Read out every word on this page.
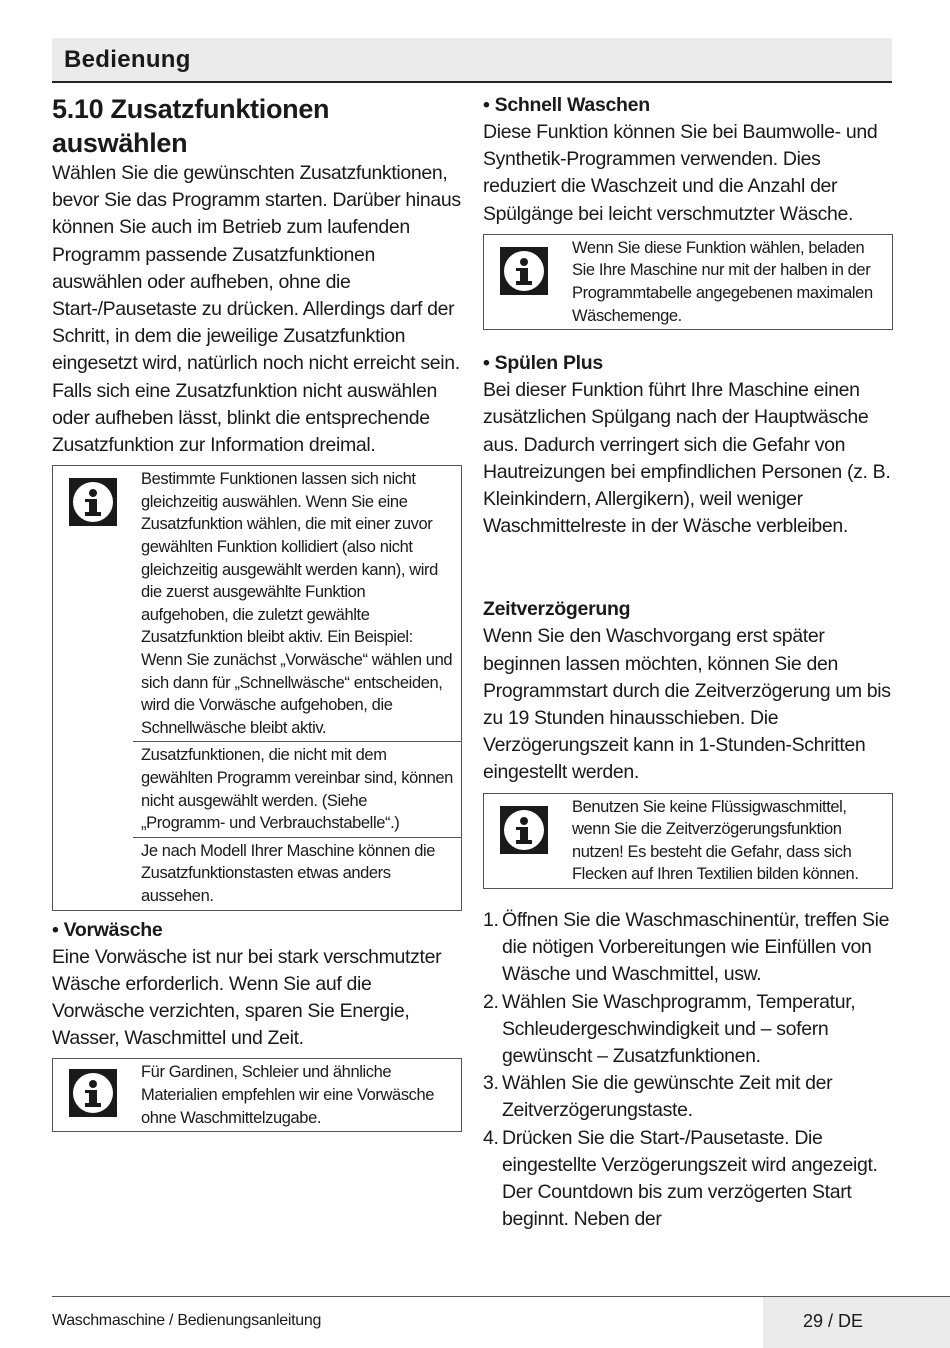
Bedienung
5.10 Zusatzfunktionen auswählen

Wählen Sie die gewünschten Zusatzfunktionen, bevor Sie das Programm starten. Darüber hinaus können Sie auch im Betrieb zum laufenden Programm passende Zusatzfunktionen auswählen oder aufheben, ohne die Start-/Pausetaste zu drücken. Allerdings darf der Schritt, in dem die jeweilige Zusatzfunktion eingesetzt wird, natürlich noch nicht erreicht sein.

Falls sich eine Zusatzfunktion nicht auswählen oder aufheben lässt, blinkt die entsprechende Zusatzfunktion zur Information dreimal.

Bestimmte Funktionen lassen sich nicht gleichzeitig auswählen. Wenn Sie eine Zusatzfunktion wählen, die mit einer zuvor gewählten Funktion kollidiert (also nicht gleichzeitig ausgewählt werden kann), wird die zuerst ausgewählte Funktion aufgehoben, die zuletzt gewählte Zusatzfunktion bleibt aktiv. Ein Beispiel: Wenn Sie zunächst „Vorwäsche“ wählen und sich dann für „Schnellwäsche“ entscheiden, wird die Vorwäsche aufgehoben, die Schnellwäsche bleibt aktiv.
Zusatzfunktionen, die nicht mit dem gewählten Programm vereinbar sind, können nicht ausgewählt werden. (Siehe „Programm- und Verbrauchstabelle“.)
Je nach Modell Ihrer Maschine können die Zusatzfunktionstasten etwas anders aussehen.
• Vorwäsche

Eine Vorwäsche ist nur bei stark verschmutzter Wäsche erforderlich. Wenn Sie auf die Vorwäsche verzichten, sparen Sie Energie, Wasser, Waschmittel und Zeit.

Für Gardinen, Schleier und ähnliche Materialien empfehlen wir eine Vorwäsche ohne Waschmittelzugabe.
• Schnell Waschen

Diese Funktion können Sie bei Baumwolle- und Synthetik-Programmen verwenden. Dies reduziert die Waschzeit und die Anzahl der Spülgänge bei leicht verschmutzter Wäsche.

Wenn Sie diese Funktion wählen, beladen Sie Ihre Maschine nur mit der halben in der Programmtabelle angegebenen maximalen Wäschemenge.
• Spülen Plus

Bei dieser Funktion führt Ihre Maschine einen zusätzlichen Spülgang nach der Hauptwäsche aus. Dadurch verringert sich die Gefahr von Hautreizungen bei empfindlichen Personen (z. B. Kleinkindern, Allergikern), weil weniger Waschmittelreste in der Wäsche verbleiben.

Zeitverzögerung

Wenn Sie den Waschvorgang erst später beginnen lassen möchten, können Sie den Programmstart durch die Zeitverzögerung um bis zu 19 Stunden hinausschieben. Die Verzögerungszeit kann in 1-Stunden-Schritten eingestellt werden.

Benutzen Sie keine Flüssigwaschmittel, wenn Sie die Zeitverzögerungsfunktion nutzen! Es besteht die Gefahr, dass sich Flecken auf Ihren Textilien bilden können.
1. Öffnen Sie die Waschmaschinentür, treffen Sie die nötigen Vorbereitungen wie Einfüllen von Wäsche und Waschmittel, usw.
2. Wählen Sie Waschprogramm, Temperatur, Schleudergeschwindigkeit und – sofern gewünscht – Zusatzfunktionen.
3. Wählen Sie die gewünschte Zeit mit der Zeitverzögerungstaste.
4. Drücken Sie die Start-/Pausetaste. Die eingestellte Verzögerungszeit wird angezeigt. Der Countdown bis zum verzögerten Start beginnt. Neben der
Waschmaschine / Bedienungsanleitung	29 / DE
